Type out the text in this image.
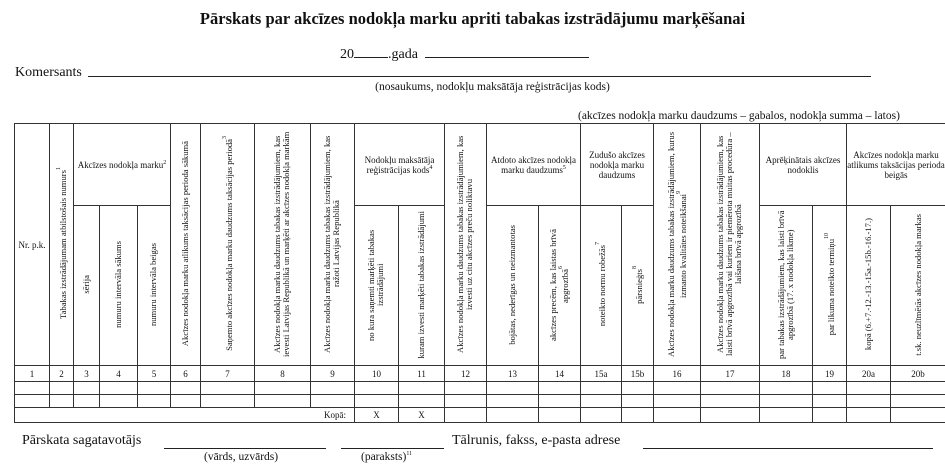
Pārskats par akcīzes nodokļa marku apriti tabakas izstrādājumu marķēšanai
20 .gada
Komersants
(nosaukums, nodokļu maksātāja reģistrācijas kods)
(akcīzes nodokļa marku daudzums – gabalos, nodokļa summa – latos)
Nr. p.k.	Tabakas izstrādājumam atbilstošais numurs$^1$	Akcīzes nodokļa marku$^2$			Akcīzes nodokļa marku atlikums taksācijas perioda sākumā	Saņemto akcīzes nodokļa marku daudzums taksācijas periodā$^3$	Akcīzes nodokļa marku daudzums tabakas izstrādājumiem, kas ievesti Latvijas Republikā un marķēti ar akcīzes nodokļa markām	Akcīzes nodokļa marku daudzums tabakas izstrādājumiem, kas ražoti Latvijas Republikā	Nodokļu maksātāja reģistrācijas kods$^4$		Akcīzes nodokļa marku daudzums tabakas izstrādājumiem, kas izvesti uz citu akcīzes preču noliktavu	Atdoto akcīzes nodokļa marku daudzums$^5$		Zudušo akcīzes nodokļa marku daudzums		Akcīzes nodokļa marku daudzums tabakas izstrādājumiem, kurus izmanto kvalitātes noteikšanai$^9$	Akcīzes nodokļa marku daudzums tabakas izstrādājumiem, kas laisti brīvā apgrozībā vai kuriem ir piemērota muitas procedūra – laišana brīvā apgrozībā	Aprēķinātais akcīzes nodoklis		Akcīzes nodokļa marku atlikums taksācijas perioda beigās	
		sērija	numuru intervāla sākums	numuru intervāla beigas					no kura saņemti marķēti tabakas izstrādājumi	kuram izvesti marķēti tabakas izstrādājumi		bojātas, nederīgas un neizmantotas	akcīzes precēm, kas laistas brīvā apgrozībā$^6$	noteikto normu robežās$^7$	pārsnieģts$^8$			par tabakas izstrādājumiem, kas laisti brīvā apgrozībā (17. x nodokļa likme)	par likuma noteikto termiņu$^{10}$	kopā (6.+7.-12.-13.-15a.-15b.-16.-17.)	t.sk. neuzlīmētās akcīzes nodokļa markas
1	2	3	4	5	6	7	8	9	10	11	12	13	14	15a	15b	16	17	18	19	20a	20b

Kopā:									X	X											
Pārskata sagatavotājs
(vārds, uzvārds)	(paraksts)$^{11}$
Tālrunis, fakss, e-pasta adrese
